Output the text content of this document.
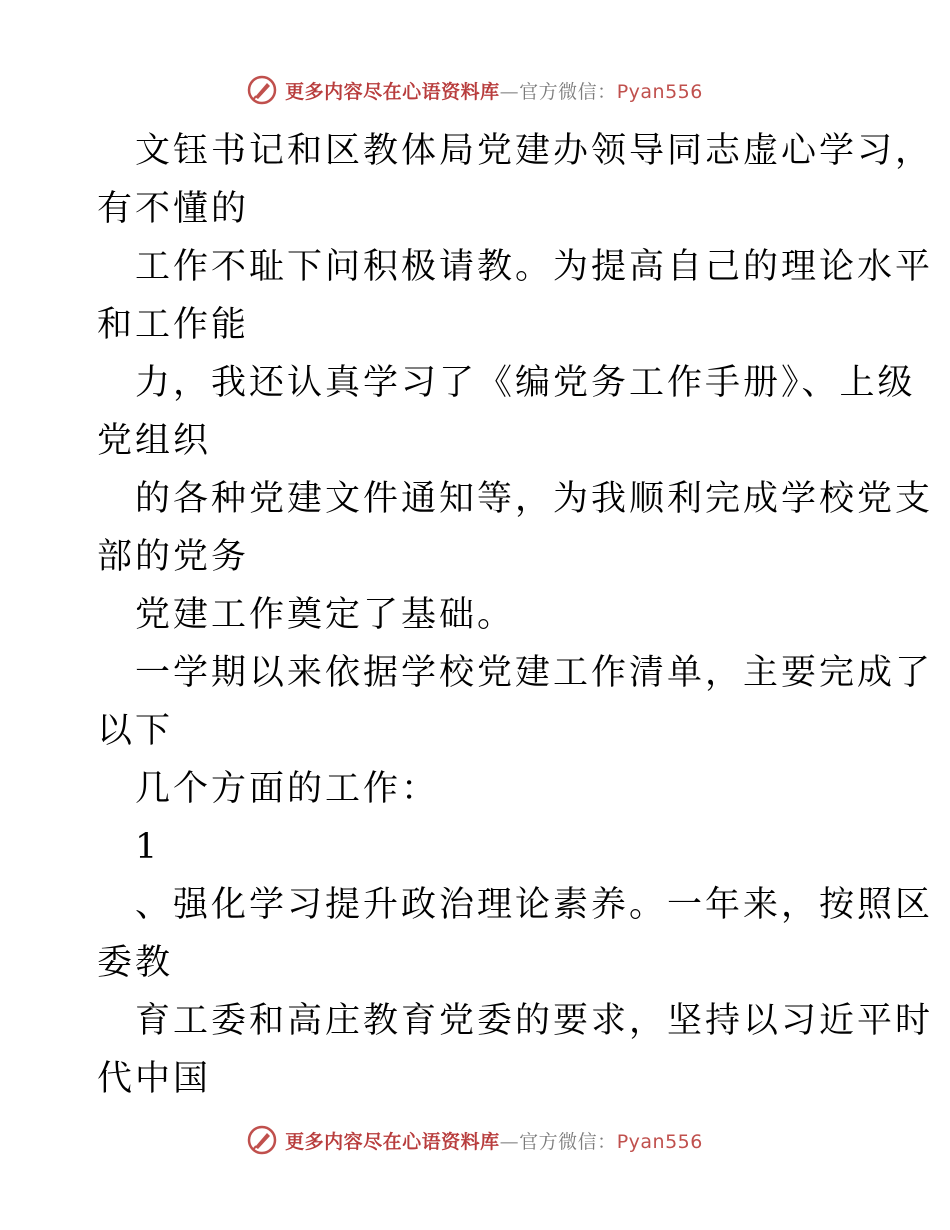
更多内容尽在心语资料库—官方微信：Pyan556
文钰书记和区教体局党建办领导同志虚心学习，
有不懂的
工作不耻下问积极请教。为提高自己的理论水平
和工作能
力，我还认真学习了《编党务工作手册》、上级
党组织
的各种党建文件通知等，为我顺利完成学校党支
部的党务
党建工作奠定了基础。
一学期以来依据学校党建工作清单，主要完成了
以下
几个方面的工作：
1
、强化学习提升政治理论素养。一年来，按照区
委教
育工委和高庄教育党委的要求，坚持以习近平时
代中国
更多内容尽在心语资料库—官方微信：Pyan556
